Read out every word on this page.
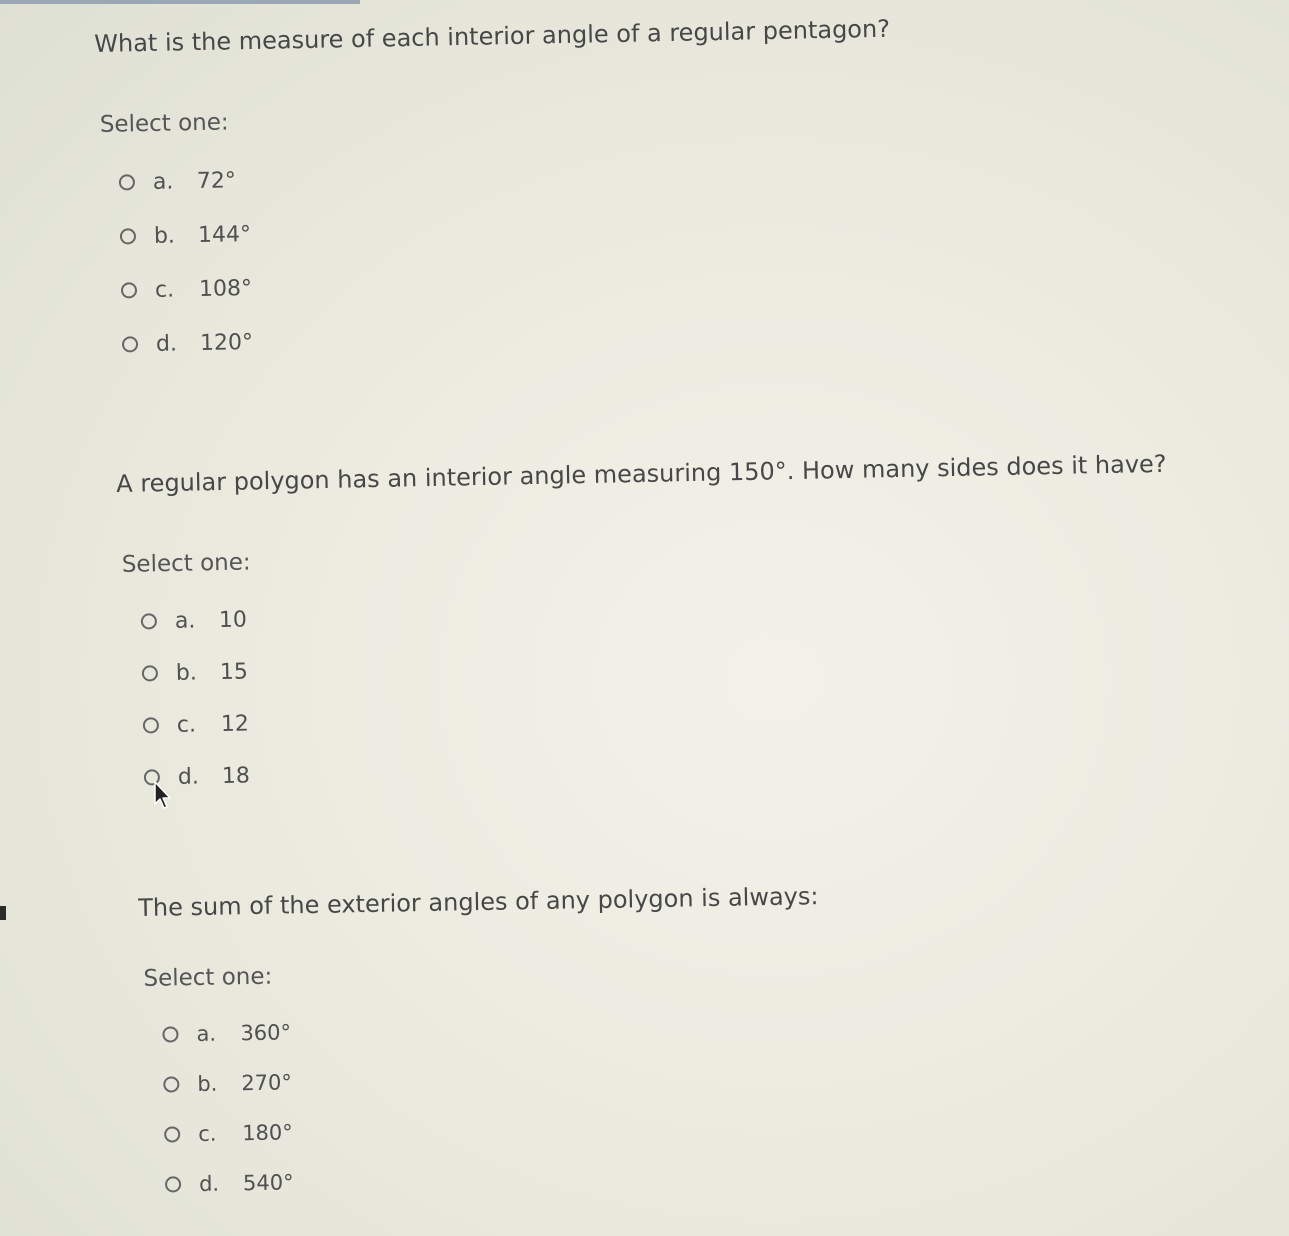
What is the measure of each interior angle of a regular pentagon?
Select one:
a.	72°
b.	144°
c.	108°
d.	120°
A regular polygon has an interior angle measuring 150°. How many sides does it have?
Select one:
a.	10
b.	15
c.	12
d.	18
The sum of the exterior angles of any polygon is always:
Select one:
a.	360°
b.	270°
c.	180°
d.	540°
